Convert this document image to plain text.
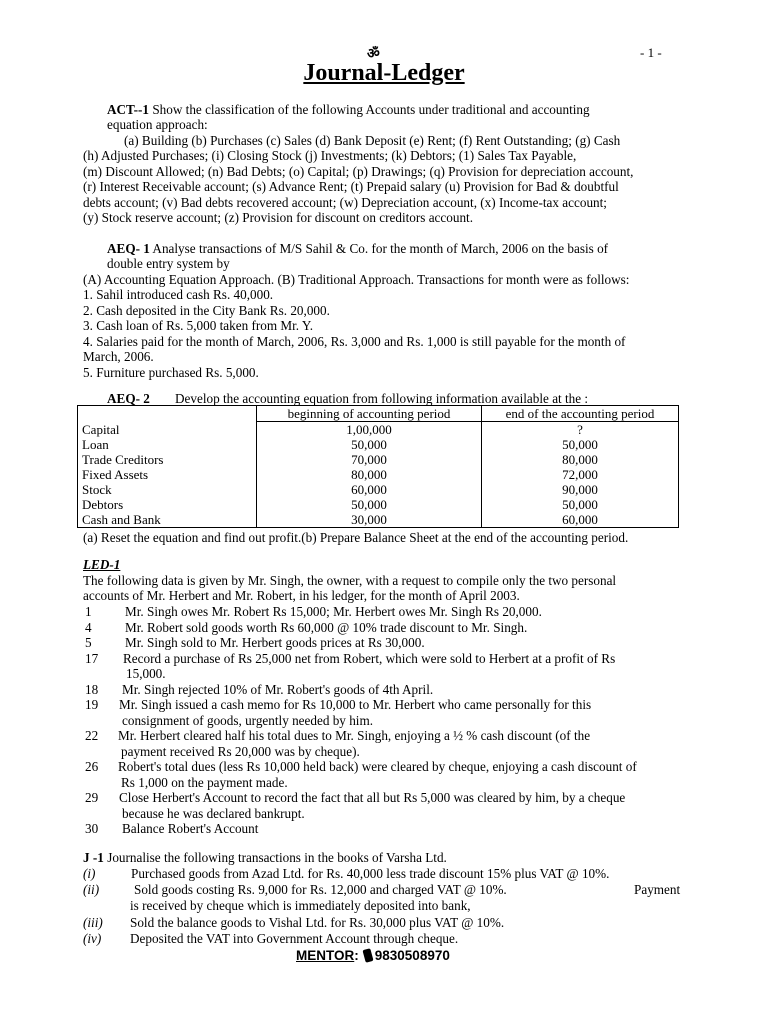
ॐ	- 1 -
Journal-Ledger
ACT--1 Show the classification of the following Accounts under traditional and accounting
equation approach:
(a) Building (b) Purchases (c) Sales (d) Bank Deposit (e) Rent; (f) Rent Outstanding; (g) Cash
(h) Adjusted Purchases; (i) Closing Stock (j) Investments; (k) Debtors; (1) Sales Tax Payable,
(m) Discount Allowed; (n) Bad Debts; (o) Capital; (p) Drawings; (q) Provision for depreciation account,
(r) Interest Receivable account; (s) Advance Rent; (t) Prepaid salary (u) Provision for Bad & doubtful
debts account; (v) Bad debts recovered account; (w) Depreciation account, (x) Income-tax account;
(y) Stock reserve account; (z) Provision for discount on creditors account.
AEQ- 1 Analyse transactions of M/S Sahil & Co. for the month of March, 2006 on the basis of
double entry system by
(A) Accounting Equation Approach. (B) Traditional Approach. Transactions for month were as follows:
1. Sahil introduced cash Rs. 40,000.
2. Cash deposited in the City Bank Rs. 20,000.
3. Cash loan of Rs. 5,000 taken from Mr. Y.
4. Salaries paid for the month of March, 2006, Rs. 3,000 and Rs. 1,000 is still payable for the month of
March, 2006.
5. Furniture purchased Rs. 5,000.
AEQ- 2 Develop the accounting equation from following information available at the :
	beginning of accounting period	end of the accounting period
Capital	1,00,000	?
Loan	50,000	50,000
Trade Creditors	70,000	80,000
Fixed Assets	80,000	72,000
Stock	60,000	90,000
Debtors	50,000	50,000
Cash and Bank	30,000	60,000
(a) Reset the equation and find out profit.(b) Prepare Balance Sheet at the end of the accounting period.
LED-1
The following data is given by Mr. Singh, the owner, with a request to compile only the two personal
accounts of Mr. Herbert and Mr. Robert, in his ledger, for the month of April 2003.
1	Mr. Singh owes Mr. Robert Rs 15,000; Mr. Herbert owes Mr. Singh Rs 20,000.
4	Mr. Robert sold goods worth Rs 60,000 @ 10% trade discount to Mr. Singh.
5	Mr. Singh sold to Mr. Herbert goods prices at Rs 30,000.
17 Record a purchase of Rs 25,000 net from Robert, which were sold to Herbert at a profit of Rs
15,000.
18 Mr. Singh rejected 10% of Mr. Robert's goods of 4th April.
19 Mr. Singh issued a cash memo for Rs 10,000 to Mr. Herbert who came personally for this
consignment of goods, urgently needed by him.
22 Mr. Herbert cleared half his total dues to Mr. Singh, enjoying a ½ % cash discount (of the
payment received Rs 20,000 was by cheque).
26 Robert's total dues (less Rs 10,000 held back) were cleared by cheque, enjoying a cash discount of
Rs 1,000 on the payment made.
29 Close Herbert's Account to record the fact that all but Rs 5,000 was cleared by him, by a cheque
because he was declared bankrupt.
30 Balance Robert's Account
J -1 Journalise the following transactions in the books of Varsha Ltd.
(i)	Purchased goods from Azad Ltd. for Rs. 40,000 less trade discount 15% plus VAT @ 10%.
(ii)	Sold goods costing Rs. 9,000 for Rs. 12,000 and charged VAT @ 10%.	Payment
is received by cheque which is immediately deposited into bank,
(iii) Sold the balance goods to Vishal Ltd. for Rs. 30,000 plus VAT @ 10%.
(iv) Deposited the VAT into Government Account through cheque.
MENTOR: 9830508970
